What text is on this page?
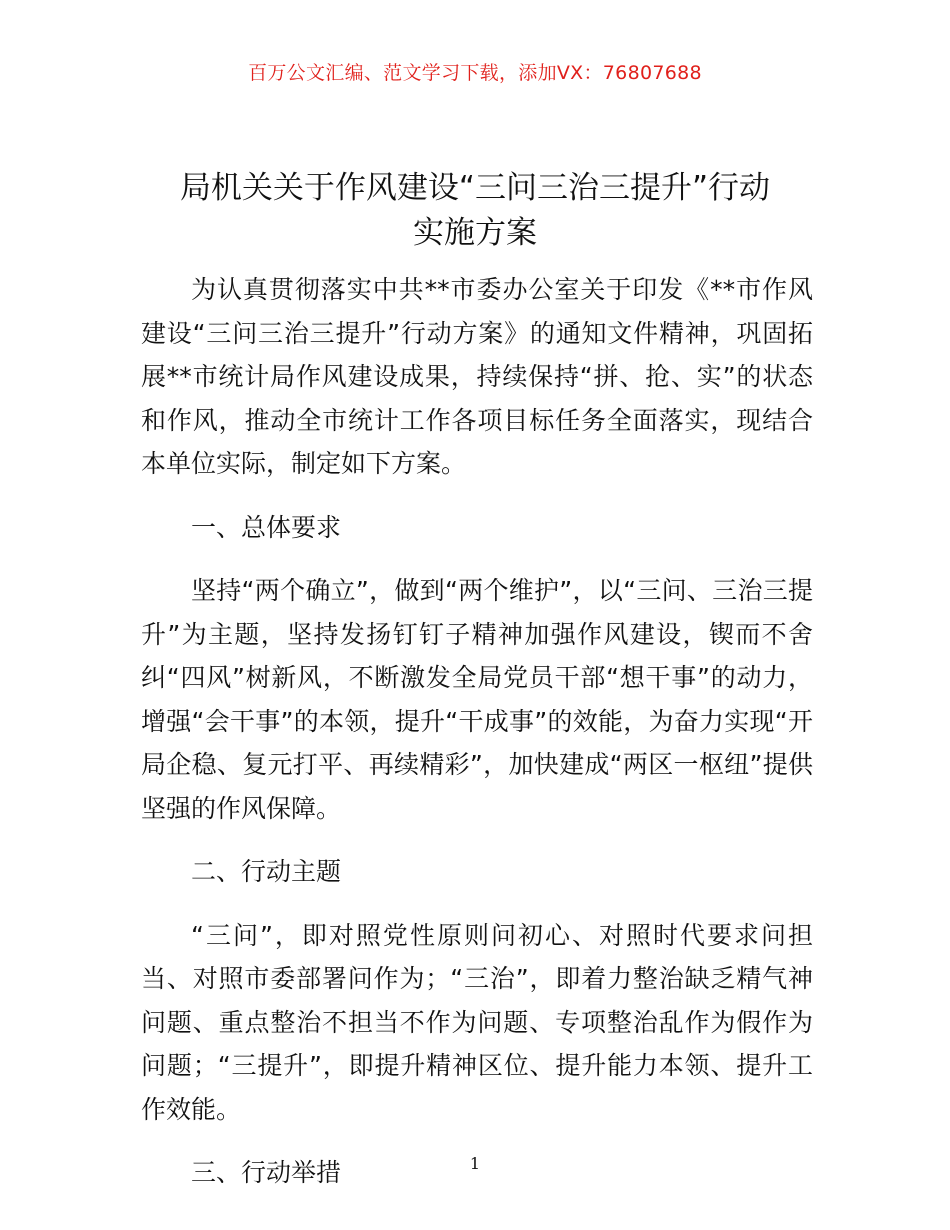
百万公文汇编、范文学习下载，添加VX：76807688
局机关关于作风建设“三问三治三提升”行动
实施方案

为认真贯彻落实中共**市委办公室关于印发《**市作风建设“三问三治三提升”行动方案》的通知文件精神，巩固拓展**市统计局作风建设成果，持续保持“拼、抢、实”的状态和作风，推动全市统计工作各项目标任务全面落实，现结合本单位实际，制定如下方案。

一、总体要求

坚持“两个确立”，做到“两个维护”，以“三问、三治三提升”为主题，坚持发扬钉钉子精神加强作风建设，锲而不舍纠“四风”树新风，不断激发全局党员干部“想干事”的动力，增强“会干事”的本领，提升“干成事”的效能，为奋力实现“开局企稳、复元打平、再续精彩”，加快建成“两区一枢纽”提供坚强的作风保障。

二、行动主题

“三问”，即对照党性原则问初心、对照时代要求问担当、对照市委部署问作为；“三治”，即着力整治缺乏精气神问题、重点整治不担当不作为问题、专项整治乱作为假作为问题；“三提升”，即提升精神区位、提升能力本领、提升工作效能。

三、行动举措	1
